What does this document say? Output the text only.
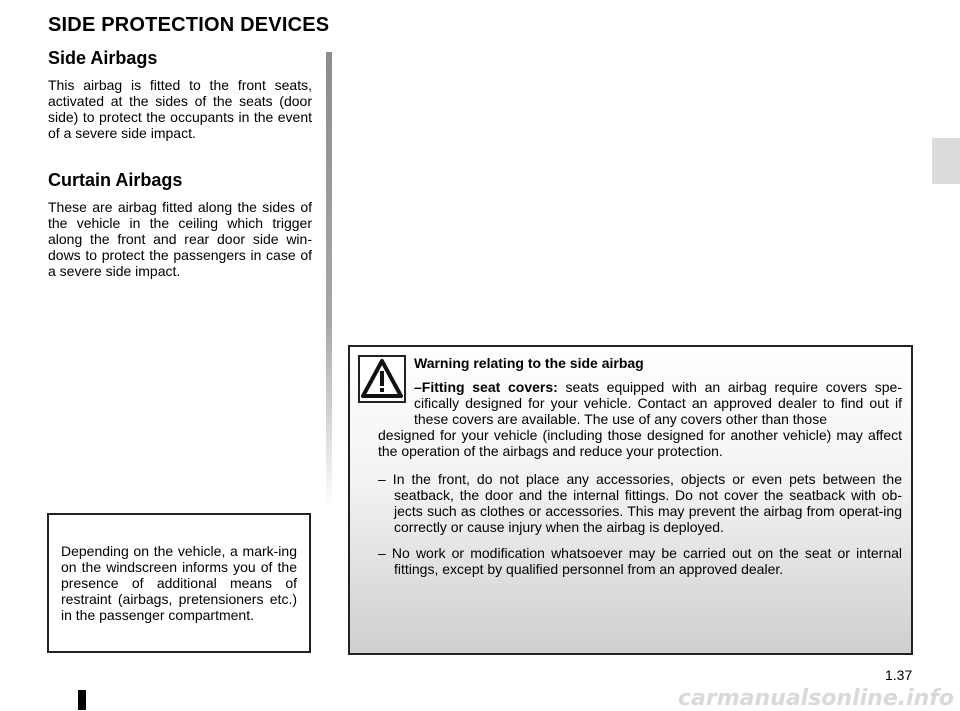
SIDE PROTECTION DEVICES
Side Airbags

This airbag is fitted to the front seats, activated at the sides of the seats (door side) to protect the occupants in the event of a severe side impact.

Curtain Airbags

These are airbag fitted along the sides of the vehicle in the ceiling which trigger along the front and rear door side win-dows to protect the passengers in case of a severe side impact.

Depending on the vehicle, a mark-ing on the windscreen informs you of the presence of additional means of restraint (airbags, pretensioners etc.) in the passenger compartment.

Warning relating to the side airbag

–Fitting seat covers: seats equipped with an airbag require covers spe-cifically designed for your vehicle. Contact an approved dealer to find out if these covers are available. The use of any covers other than those

designed for your vehicle (including those designed for another vehicle) may affect the operation of the airbags and reduce your protection.

– In the front, do not place any accessories, objects or even pets between the seatback, the door and the internal fittings. Do not cover the seatback with ob-jects such as clothes or accessories. This may prevent the airbag from operat-ing correctly or cause injury when the airbag is deployed.

– No work or modification whatsoever may be carried out on the seat or internal fittings, except by qualified personnel from an approved dealer.

1.37
carmanualsonline.info
